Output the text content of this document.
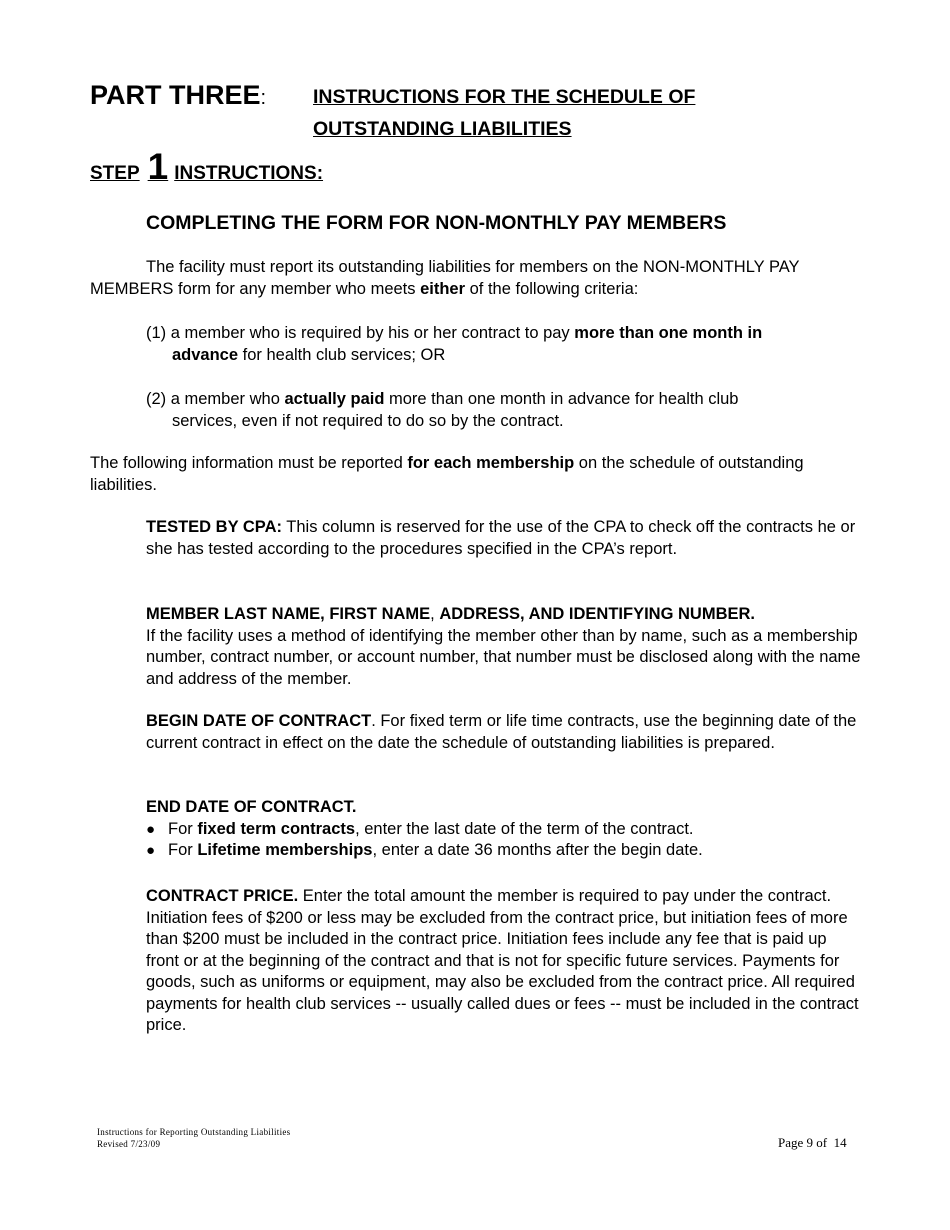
PART THREE: INSTRUCTIONS FOR THE SCHEDULE OF
OUTSTANDING LIABILITIES
STEP 1 INSTRUCTIONS:
COMPLETING THE FORM FOR NON-MONTHLY PAY MEMBERS
The facility must report its outstanding liabilities for members on the NON-MONTHLY PAY MEMBERS form for any member who meets either of the following criteria:
(1) a member who is required by his or her contract to pay more than one month in
advance for health club services; OR
(2) a member who actually paid more than one month in advance for health club
services, even if not required to do so by the contract.
The following information must be reported for each membership on the schedule of outstanding liabilities.
TESTED BY CPA: This column is reserved for the use of the CPA to check off the contracts he or she has tested according to the procedures specified in the CPA’s report.
MEMBER LAST NAME, FIRST NAME, ADDRESS, AND IDENTIFYING NUMBER.
If the facility uses a method of identifying the member other than by name, such as a membership number, contract number, or account number, that number must be disclosed along with the name and address of the member.
BEGIN DATE OF CONTRACT. For fixed term or life time contracts, use the beginning date of the current contract in effect on the date the schedule of outstanding liabilities is prepared.
END DATE OF CONTRACT.
● For fixed term contracts, enter the last date of the term of the contract.
● For Lifetime memberships, enter a date 36 months after the begin date.
CONTRACT PRICE. Enter the total amount the member is required to pay under the contract. Initiation fees of $200 or less may be excluded from the contract price, but initiation fees of more than $200 must be included in the contract price. Initiation fees include any fee that is paid up front or at the beginning of the contract and that is not for specific future services. Payments for goods, such as uniforms or equipment, may also be excluded from the contract price. All required payments for health club services -- usually called dues or fees -- must be included in the contract price.
Instructions for Reporting Outstanding Liabilities
Revised 7/23/09	Page 9 of  14
